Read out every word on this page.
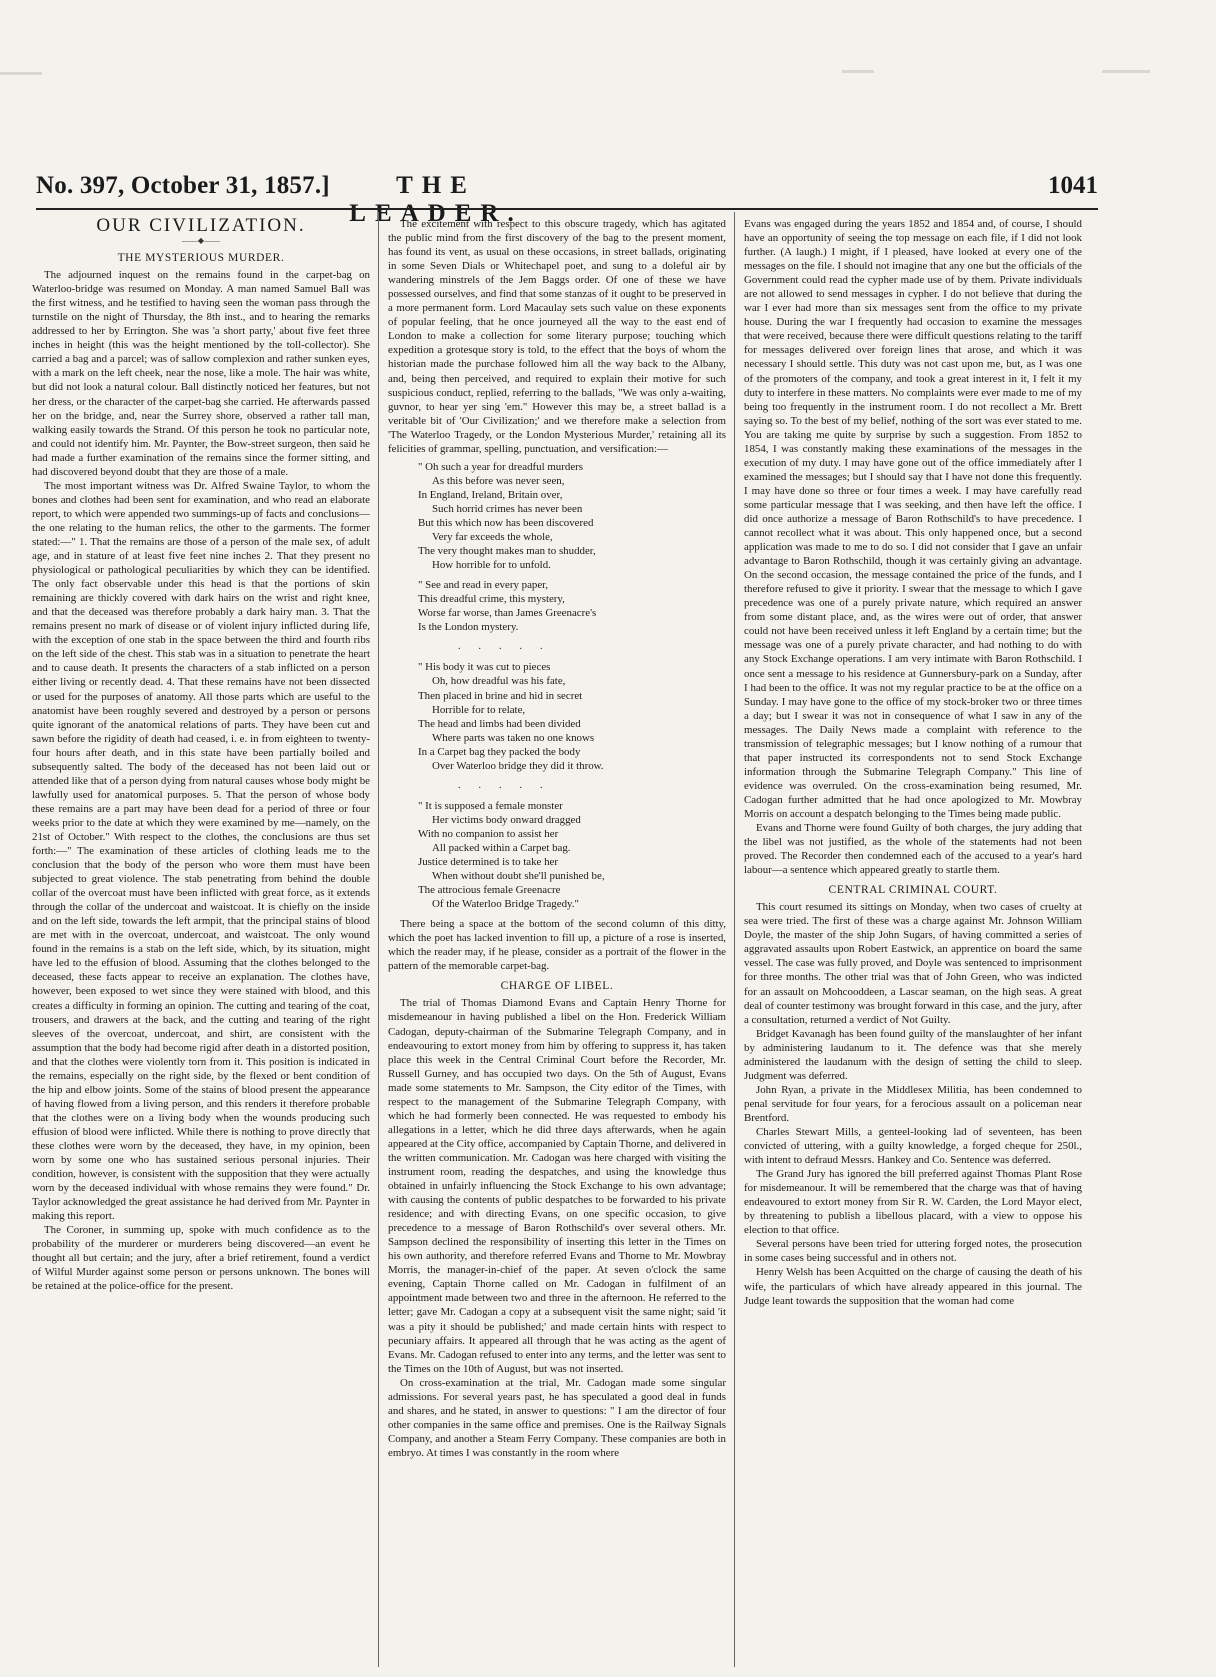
No. 397, October 31, 1857.]	THE LEADER.
1041
OUR CIVILIZATION.
——◆——
THE MYSTERIOUS MURDER.

The adjourned inquest on the remains found in the carpet-bag on Waterloo-bridge was resumed on Monday. A man named Samuel Ball was the first witness, and he testified to having seen the woman pass through the turnstile on the night of Thursday, the 8th inst., and to hearing the remarks addressed to her by Errington. She was 'a short party,' about five feet three inches in height (this was the height mentioned by the toll-collector). She carried a bag and a parcel; was of sallow complexion and rather sunken eyes, with a mark on the left cheek, near the nose, like a mole. The hair was white, but did not look a natural colour. Ball distinctly noticed her features, but not her dress, or the character of the carpet-bag she carried. He afterwards passed her on the bridge, and, near the Surrey shore, observed a rather tall man, walking easily towards the Strand. Of this person he took no particular note, and could not identify him. Mr. Paynter, the Bow-street surgeon, then said he had made a further examination of the remains since the former sitting, and had discovered beyond doubt that they are those of a male.

The most important witness was Dr. Alfred Swaine Taylor, to whom the bones and clothes had been sent for examination, and who read an elaborate report, to which were appended two summings-up of facts and conclusions—the one relating to the human relics, the other to the garments. The former stated:—" 1. That the remains are those of a person of the male sex, of adult age, and in stature of at least five feet nine inches 2. That they present no physiological or pathological peculiarities by which they can be identified. The only fact observable under this head is that the portions of skin remaining are thickly covered with dark hairs on the wrist and right knee, and that the deceased was therefore probably a dark hairy man. 3. That the remains present no mark of disease or of violent injury inflicted during life, with the exception of one stab in the space between the third and fourth ribs on the left side of the chest. This stab was in a situation to penetrate the heart and to cause death. It presents the characters of a stab inflicted on a person either living or recently dead. 4. That these remains have not been dissected or used for the purposes of anatomy. All those parts which are useful to the anatomist have been roughly severed and destroyed by a person or persons quite ignorant of the anatomical relations of parts. They have been cut and sawn before the rigidity of death had ceased, i. e. in from eighteen to twenty-four hours after death, and in this state have been partially boiled and subsequently salted. The body of the deceased has not been laid out or attended like that of a person dying from natural causes whose body might be lawfully used for anatomical purposes. 5. That the person of whose body these remains are a part may have been dead for a period of three or four weeks prior to the date at which they were examined by me—namely, on the 21st of October." With respect to the clothes, the conclusions are thus set forth:—" The examination of these articles of clothing leads me to the conclusion that the body of the person who wore them must have been subjected to great violence. The stab penetrating from behind the double collar of the overcoat must have been inflicted with great force, as it extends through the collar of the undercoat and waistcoat. It is chiefly on the inside and on the left side, towards the left armpit, that the principal stains of blood are met with in the overcoat, undercoat, and waistcoat. The only wound found in the remains is a stab on the left side, which, by its situation, might have led to the effusion of blood. Assuming that the clothes belonged to the deceased, these facts appear to receive an explanation. The clothes have, however, been exposed to wet since they were stained with blood, and this creates a difficulty in forming an opinion. The cutting and tearing of the coat, trousers, and drawers at the back, and the cutting and tearing of the right sleeves of the overcoat, undercoat, and shirt, are consistent with the assumption that the body had become rigid after death in a distorted position, and that the clothes were violently torn from it. This position is indicated in the remains, especially on the right side, by the flexed or bent condition of the hip and elbow joints. Some of the stains of blood present the appearance of having flowed from a living person, and this renders it therefore probable that the clothes were on a living body when the wounds producing such effusion of blood were inflicted. While there is nothing to prove directly that these clothes were worn by the deceased, they have, in my opinion, been worn by some one who has sustained serious personal injuries. Their condition, however, is consistent with the supposition that they were actually worn by the deceased individual with whose remains they were found." Dr. Taylor acknowledged the great assistance he had derived from Mr. Paynter in making this report.

The Coroner, in summing up, spoke with much confidence as to the probability of the murderer or murderers being discovered—an event he thought all but certain; and the jury, after a brief retirement, found a verdict of Wilful Murder against some person or persons unknown. The bones will be retained at the police-office for the present.

The excitement with respect to this obscure tragedy, which has agitated the public mind from the first discovery of the bag to the present moment, has found its vent, as usual on these occasions, in street ballads, originating in some Seven Dials or Whitechapel poet, and sung to a doleful air by wandering minstrels of the Jem Baggs order. Of one of these we have possessed ourselves, and find that some stanzas of it ought to be preserved in a more permanent form. Lord Macaulay sets such value on these exponents of popular feeling, that he once journeyed all the way to the east end of London to make a collection for some literary purpose; touching which expedition a grotesque story is told, to the effect that the boys of whom the historian made the purchase followed him all the way back to the Albany, and, being then perceived, and required to explain their motive for such suspicious conduct, replied, referring to the ballads, "We was only a-waiting, guvnor, to hear yer sing 'em." However this may be, a street ballad is a veritable bit of 'Our Civilization;' and we therefore make a selection from 'The Waterloo Tragedy, or the London Mysterious Murder,' retaining all its felicities of grammar, spelling, punctuation, and versification:—

" Oh such a year for dreadful murders
As this before was never seen,
In England, Ireland, Britain over,
Such horrid crimes has never been
But this which now has been discovered
Very far exceeds the whole,
The very thought makes man to shudder,
How horrible for to unfold.
" See and read in every paper,
This dreadful crime, this mystery,
Worse far worse, than James Greenacre's
Is the London mystery.
.....
" His body it was cut to pieces
Oh, how dreadful was his fate,
Then placed in brine and hid in secret
Horrible for to relate,
The head and limbs had been divided
Where parts was taken no one knows
In a Carpet bag they packed the body
Over Waterloo bridge they did it throw.
.....
" It is supposed a female monster
Her victims body onward dragged
With no companion to assist her
All packed within a Carpet bag.
Justice determined is to take her
When without doubt she'll punished be,
The attrocious female Greenacre
Of the Waterloo Bridge Tragedy."

There being a space at the bottom of the second column of this ditty, which the poet has lacked invention to fill up, a picture of a rose is inserted, which the reader may, if he please, consider as a portrait of the flower in the pattern of the memorable carpet-bag.

CHARGE OF LIBEL.

The trial of Thomas Diamond Evans and Captain Henry Thorne for misdemeanour in having published a libel on the Hon. Frederick William Cadogan, deputy-chairman of the Submarine Telegraph Company, and in endeavouring to extort money from him by offering to suppress it, has taken place this week in the Central Criminal Court before the Recorder, Mr. Russell Gurney, and has occupied two days. On the 5th of August, Evans made some statements to Mr. Sampson, the City editor of the Times, with respect to the management of the Submarine Telegraph Company, with which he had formerly been connected. He was requested to embody his allegations in a letter, which he did three days afterwards, when he again appeared at the City office, accompanied by Captain Thorne, and delivered in the written communication. Mr. Cadogan was here charged with visiting the instrument room, reading the despatches, and using the knowledge thus obtained in unfairly influencing the Stock Exchange to his own advantage; with causing the contents of public despatches to be forwarded to his private residence; and with directing Evans, on one specific occasion, to give precedence to a message of Baron Rothschild's over several others. Mr. Sampson declined the responsibility of inserting this letter in the Times on his own authority, and therefore referred Evans and Thorne to Mr. Mowbray Morris, the manager-in-chief of the paper. At seven o'clock the same evening, Captain Thorne called on Mr. Cadogan in fulfilment of an appointment made between two and three in the afternoon. He referred to the letter; gave Mr. Cadogan a copy at a subsequent visit the same night; said 'it was a pity it should be published;' and made certain hints with respect to pecuniary affairs. It appeared all through that he was acting as the agent of Evans. Mr. Cadogan refused to enter into any terms, and the letter was sent to the Times on the 10th of August, but was not inserted.

On cross-examination at the trial, Mr. Cadogan made some singular admissions. For several years past, he has speculated a good deal in funds and shares, and he stated, in answer to questions: " I am the director of four other companies in the same office and premises. One is the Railway Signals Company, and another a Steam Ferry Company. These companies are both in embryo. At times I was constantly in the room where

Evans was engaged during the years 1852 and 1854 and, of course, I should have an opportunity of seeing the top message on each file, if I did not look further. (A laugh.) I might, if I pleased, have looked at every one of the messages on the file. I should not imagine that any one but the officials of the Government could read the cypher made use of by them. Private individuals are not allowed to send messages in cypher. I do not believe that during the war I ever had more than six messages sent from the office to my private house. During the war I frequently had occasion to examine the messages that were received, because there were difficult questions relating to the tariff for messages delivered over foreign lines that arose, and which it was necessary I should settle. This duty was not cast upon me, but, as I was one of the promoters of the company, and took a great interest in it, I felt it my duty to interfere in these matters. No complaints were ever made to me of my being too frequently in the instrument room. I do not recollect a Mr. Brett saying so. To the best of my belief, nothing of the sort was ever stated to me. You are taking me quite by surprise by such a suggestion. From 1852 to 1854, I was constantly making these examinations of the messages in the execution of my duty. I may have gone out of the office immediately after I examined the messages; but I should say that I have not done this frequently. I may have done so three or four times a week. I may have carefully read some particular message that I was seeking, and then have left the office. I did once authorize a message of Baron Rothschild's to have precedence. I cannot recollect what it was about. This only happened once, but a second application was made to me to do so. I did not consider that I gave an unfair advantage to Baron Rothschild, though it was certainly giving an advantage. On the second occasion, the message contained the price of the funds, and I therefore refused to give it priority. I swear that the message to which I gave precedence was one of a purely private nature, which required an answer from some distant place, and, as the wires were out of order, that answer could not have been received unless it left England by a certain time; but the message was one of a purely private character, and had nothing to do with any Stock Exchange operations. I am very intimate with Baron Rothschild. I once sent a message to his residence at Gunnersbury-park on a Sunday, after I had been to the office. It was not my regular practice to be at the office on a Sunday. I may have gone to the office of my stock-broker two or three times a day; but I swear it was not in consequence of what I saw in any of the messages. The Daily News made a complaint with reference to the transmission of telegraphic messages; but I know nothing of a rumour that that paper instructed its correspondents not to send Stock Exchange information through the Submarine Telegraph Company." This line of evidence was overruled. On the cross-examination being resumed, Mr. Cadogan further admitted that he had once apologized to Mr. Mowbray Morris on account a despatch belonging to the Times being made public.

Evans and Thorne were found Guilty of both charges, the jury adding that the libel was not justified, as the whole of the statements had not been proved. The Recorder then condemned each of the accused to a year's hard labour—a sentence which appeared greatly to startle them.

CENTRAL CRIMINAL COURT.

This court resumed its sittings on Monday, when two cases of cruelty at sea were tried. The first of these was a charge against Mr. Johnson William Doyle, the master of the ship John Sugars, of having committed a series of aggravated assaults upon Robert Eastwick, an apprentice on board the same vessel. The case was fully proved, and Doyle was sentenced to imprisonment for three months. The other trial was that of John Green, who was indicted for an assault on Mohcooddeen, a Lascar seaman, on the high seas. A great deal of counter testimony was brought forward in this case, and the jury, after a consultation, returned a verdict of Not Guilty.

Bridget Kavanagh has been found guilty of the manslaughter of her infant by administering laudanum to it. The defence was that she merely administered the laudanum with the design of setting the child to sleep. Judgment was deferred.

John Ryan, a private in the Middlesex Militia, has been condemned to penal servitude for four years, for a ferocious assault on a policeman near Brentford.

Charles Stewart Mills, a genteel-looking lad of seventeen, has been convicted of uttering, with a guilty knowledge, a forged cheque for 250l., with intent to defraud Messrs. Hankey and Co. Sentence was deferred.

The Grand Jury has ignored the bill preferred against Thomas Plant Rose for misdemeanour. It will be remembered that the charge was that of having endeavoured to extort money from Sir R. W. Carden, the Lord Mayor elect, by threatening to publish a libellous placard, with a view to oppose his election to that office.

Several persons have been tried for uttering forged notes, the prosecution in some cases being successful and in others not.

Henry Welsh has been Acquitted on the charge of causing the death of his wife, the particulars of which have already appeared in this journal. The Judge leant towards the supposition that the woman had come
